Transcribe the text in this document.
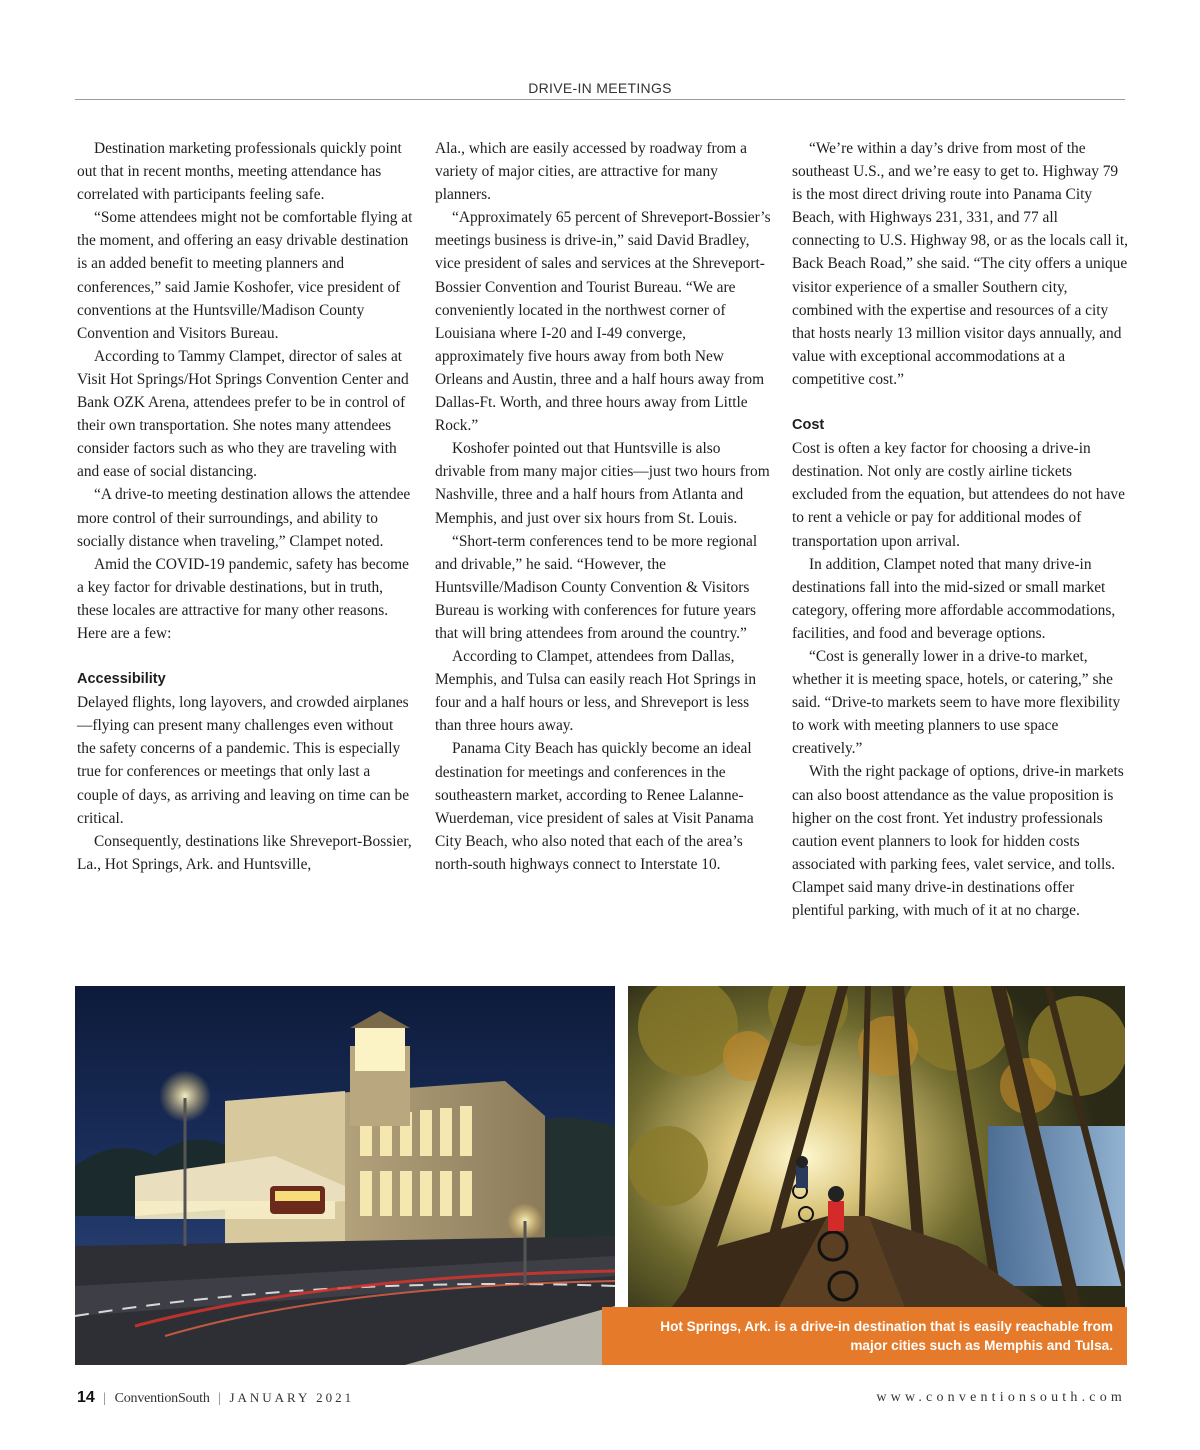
DRIVE-IN MEETINGS

Destination marketing professionals quickly point out that in recent months, meeting attendance has correlated with participants feeling safe.

“Some attendees might not be comfortable flying at the moment, and offering an easy drivable destination is an added benefit to meeting planners and conferences,” said Jamie Koshofer, vice president of conventions at the Huntsville/Madison County Convention and Visitors Bureau.

According to Tammy Clampet, director of sales at Visit Hot Springs/Hot Springs Convention Center and Bank OZK Arena, attendees prefer to be in control of their own transportation. She notes many attendees consider factors such as who they are traveling with and ease of social distancing.

“A drive-to meeting destination allows the attendee more control of their surroundings, and ability to socially distance when traveling,” Clampet noted.

Amid the COVID-19 pandemic, safety has become a key factor for drivable destinations, but in truth, these locales are attractive for many other reasons. Here are a few:

Accessibility

Delayed flights, long layovers, and crowded airplanes—flying can present many challenges even without the safety concerns of a pandemic. This is especially true for conferences or meetings that only last a couple of days, as arriving and leaving on time can be critical.

Consequently, destinations like Shreveport-Bossier, La., Hot Springs, Ark. and Huntsville,

Ala., which are easily accessed by roadway from a variety of major cities, are attractive for many planners.

“Approximately 65 percent of Shreveport-Bossier’s meetings business is drive-in,” said David Bradley, vice president of sales and services at the Shreveport-Bossier Convention and Tourist Bureau. “We are conveniently located in the northwest corner of Louisiana where I-20 and I-49 converge, approximately five hours away from both New Orleans and Austin, three and a half hours away from Dallas-Ft. Worth, and three hours away from Little Rock.”

Koshofer pointed out that Huntsville is also drivable from many major cities—just two hours from Nashville, three and a half hours from Atlanta and Memphis, and just over six hours from St. Louis.

“Short-term conferences tend to be more regional and drivable,” he said. “However, the Huntsville/Madison County Convention & Visitors Bureau is working with conferences for future years that will bring attendees from around the country.”

According to Clampet, attendees from Dallas, Memphis, and Tulsa can easily reach Hot Springs in four and a half hours or less, and Shreveport is less than three hours away.

Panama City Beach has quickly become an ideal destination for meetings and conferences in the southeastern market, according to Renee Lalanne-Wuerdeman, vice president of sales at Visit Panama City Beach, who also noted that each of the area’s north-south highways connect to Interstate 10.

“We’re within a day’s drive from most of the southeast U.S., and we’re easy to get to. Highway 79 is the most direct driving route into Panama City Beach, with Highways 231, 331, and 77 all connecting to U.S. Highway 98, or as the locals call it, Back Beach Road,” she said. “The city offers a unique visitor experience of a smaller Southern city, combined with the expertise and resources of a city that hosts nearly 13 million visitor days annually, and value with exceptional accommodations at a competitive cost.”

Cost

Cost is often a key factor for choosing a drive-in destination. Not only are costly airline tickets excluded from the equation, but attendees do not have to rent a vehicle or pay for additional modes of transportation upon arrival.

In addition, Clampet noted that many drive-in destinations fall into the mid-sized or small market category, offering more affordable accommodations, facilities, and food and beverage options.

“Cost is generally lower in a drive-to market, whether it is meeting space, hotels, or catering,” she said. “Drive-to markets seem to have more flexibility to work with meeting planners to use space creatively.”

With the right package of options, drive-in markets can also boost attendance as the value proposition is higher on the cost front. Yet industry professionals caution event planners to look for hidden costs associated with parking fees, valet service, and tolls. Clampet said many drive-in destinations offer plentiful parking, with much of it at no charge.

Hot Springs, Ark. is a drive-in destination that is easily reachable from
major cities such as Memphis and Tulsa.
14 | ConventionSouth | JANUARY 2021	www.conventionsouth.com
